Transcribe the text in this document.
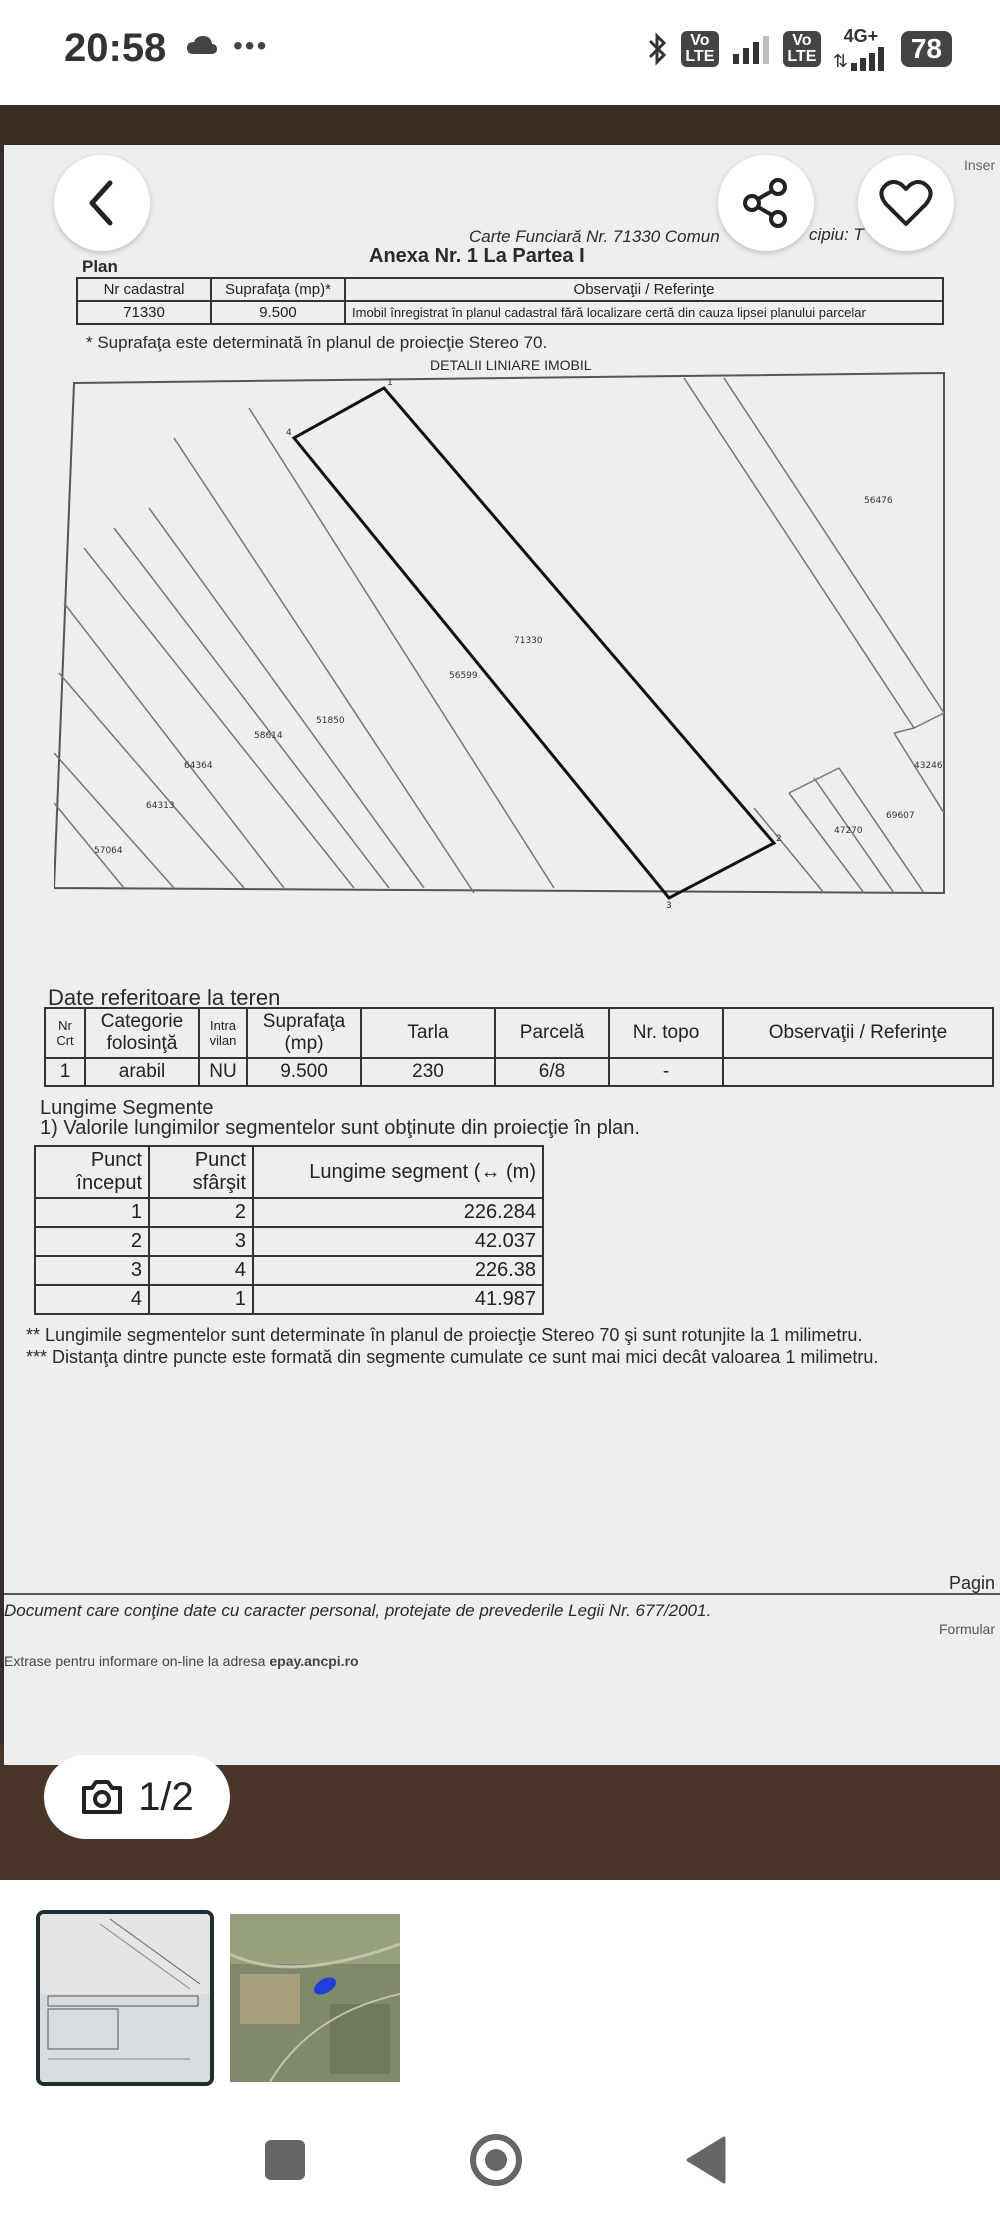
20:58 •••	Vo LTE
Vo LTE
4G+
⇅	78
Inser
Carte Funciară Nr. 71330 Comun	cipiu: T
Anexa Nr. 1 La Partea I
Plan
Nr cadastral	Suprafaţa (mp)*	Observaţii / Referinţe
71330	9.500	Imobil înregistrat în planul cadastral fără localizare certă din cauza lipsei planului parcelar
* Suprafaţa este determinată în planul de proiecţie Stereo 70.
DETALII LINIARE IMOBIL
71330
56599
56476
51850
58614
64364
64313
57064
43246
47270
69607
1
2
3
4
Date referitoare la teren
Nr Crt	Categorie folosinţă	Intra vilan	Suprafaţa (mp)	Tarla	Parcelă	Nr. topo	Observaţii / Referinţe
1	arabil	NU	9.500	230	6/8	-	
Lungime Segmente
1) Valorile lungimilor segmentelor sunt obţinute din proiecţie în plan.
Punct început	Punct sfârşit	Lungime segment (↔ (m)
1	2	226.284
2	3	42.037
3	4	226.38
4	1	41.987
** Lungimile segmentelor sunt determinate în planul de proiecţie Stereo 70 şi sunt rotunjite la 1 milimetru.
*** Distanţa dintre puncte este formată din segmente cumulate ce sunt mai mici decât valoarea 1 milimetru.
Pagin
Document care conţine date cu caracter personal, protejate de prevederile Legii Nr. 677/2001.
Formular
Extrase pentru informare on-line la adresa epay.ancpi.ro
1/2
